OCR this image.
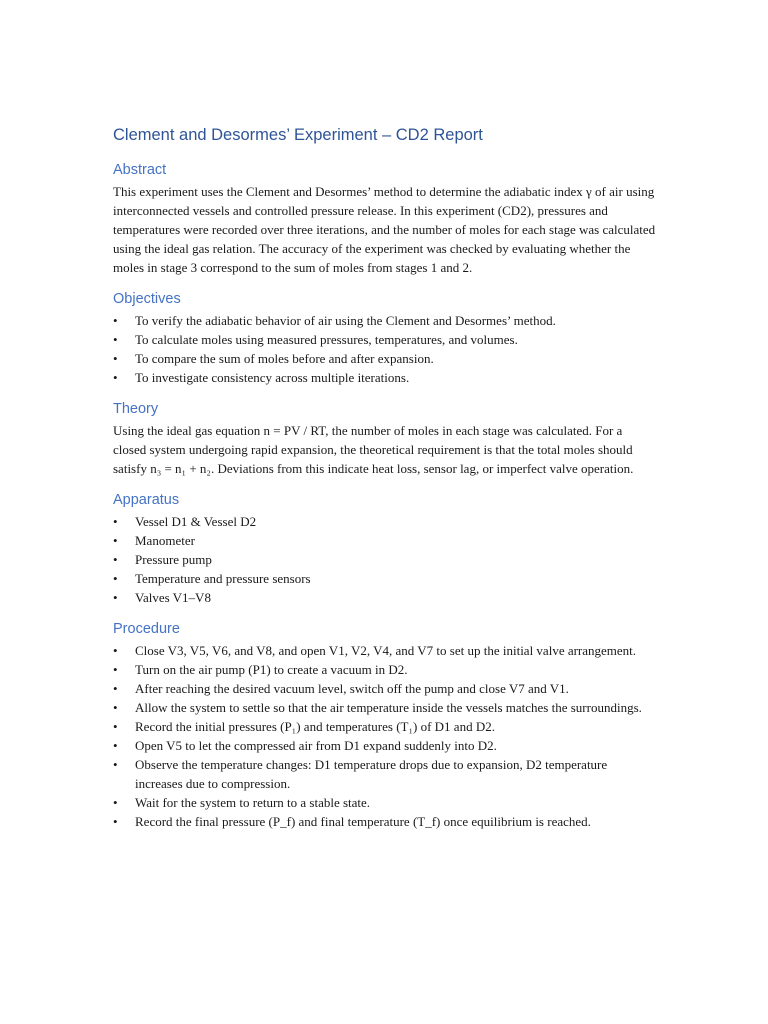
Clement and Desormes’ Experiment – CD2 Report
Abstract

This experiment uses the Clement and Desormes’ method to determine the adiabatic index γ of air using interconnected vessels and controlled pressure release. In this experiment (CD2), pressures and temperatures were recorded over three iterations, and the number of moles for each stage was calculated using the ideal gas relation. The accuracy of the experiment was checked by evaluating whether the moles in stage 3 correspond to the sum of moles from stages 1 and 2.

Objectives
• To verify the adiabatic behavior of air using the Clement and Desormes’ method.
• To calculate moles using measured pressures, temperatures, and volumes.
• To compare the sum of moles before and after expansion.
• To investigate consistency across multiple iterations.
Theory

Using the ideal gas equation n = PV / RT, the number of moles in each stage was calculated. For a closed system undergoing rapid expansion, the theoretical requirement is that the total moles should satisfy n₃ = n₁ + n₂. Deviations from this indicate heat loss, sensor lag, or imperfect valve operation.

Apparatus
• Vessel D1 & Vessel D2
• Manometer
• Pressure pump
• Temperature and pressure sensors
• Valves V1–V8
Procedure
• Close V3, V5, V6, and V8, and open V1, V2, V4, and V7 to set up the initial valve arrangement.
• Turn on the air pump (P1) to create a vacuum in D2.
• After reaching the desired vacuum level, switch off the pump and close V7 and V1.
• Allow the system to settle so that the air temperature inside the vessels matches the surroundings.
• Record the initial pressures (P₁) and temperatures (T₁) of D1 and D2.
• Open V5 to let the compressed air from D1 expand suddenly into D2.
• Observe the temperature changes: D1 temperature drops due to expansion, D2 temperature increases due to compression.
• Wait for the system to return to a stable state.
• Record the final pressure (P_f) and final temperature (T_f) once equilibrium is reached.
